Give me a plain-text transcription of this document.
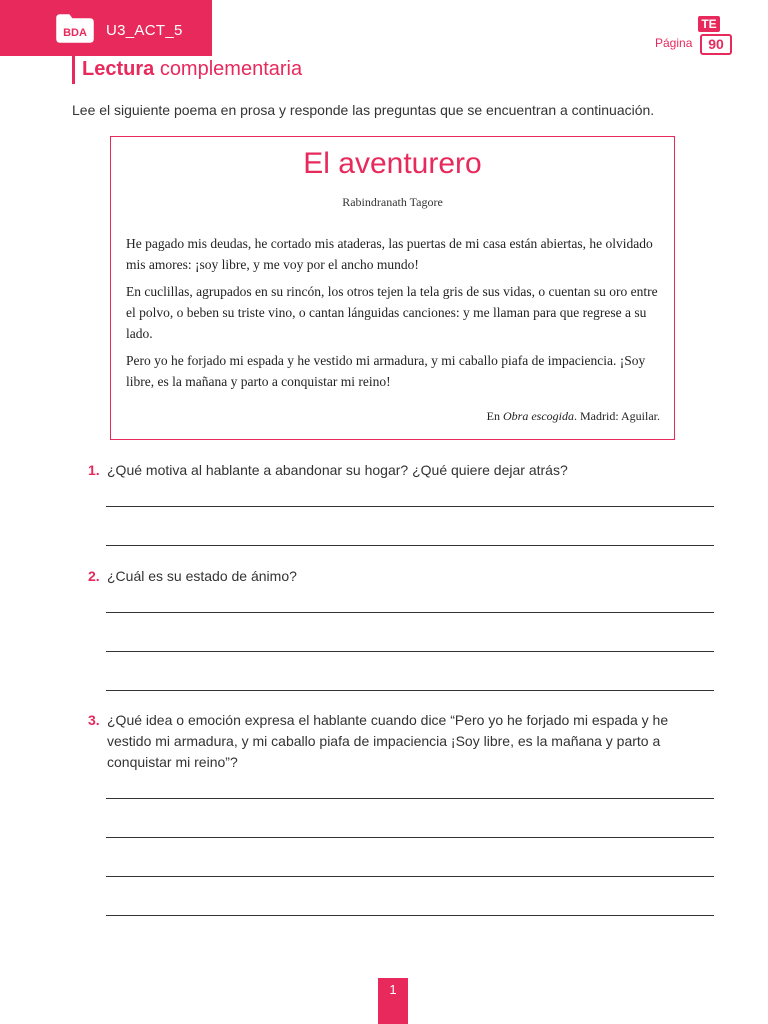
BDA U3_ACT_5
Página
TE
90
Lectura complementaria
Lee el siguiente poema en prosa y responde las preguntas que se encuentran a continuación.
El aventurero
Rabindranath Tagore

He pagado mis deudas, he cortado mis ataderas, las puertas de mi casa están abiertas, he olvidado mis amores: ¡soy libre, y me voy por el ancho mundo!

En cuclillas, agrupados en su rincón, los otros tejen la tela gris de sus vidas, o cuentan su oro entre el polvo, o beben su triste vino, o cantan lánguidas canciones: y me llaman para que regrese a su lado.

Pero yo he forjado mi espada y he vestido mi armadura, y mi caballo piafa de impaciencia. ¡Soy libre, es la mañana y parto a conquistar mi reino!

En Obra escogida. Madrid: Aguilar.
1. ¿Qué motiva al hablante a abandonar su hogar? ¿Qué quiere dejar atrás?
2. ¿Cuál es su estado de ánimo?
3. ¿Qué idea o emoción expresa el hablante cuando dice “Pero yo he forjado mi espada y he vestido mi armadura, y mi caballo piafa de impaciencia ¡Soy libre, es la mañana y parto a conquistar mi reino”?
1
